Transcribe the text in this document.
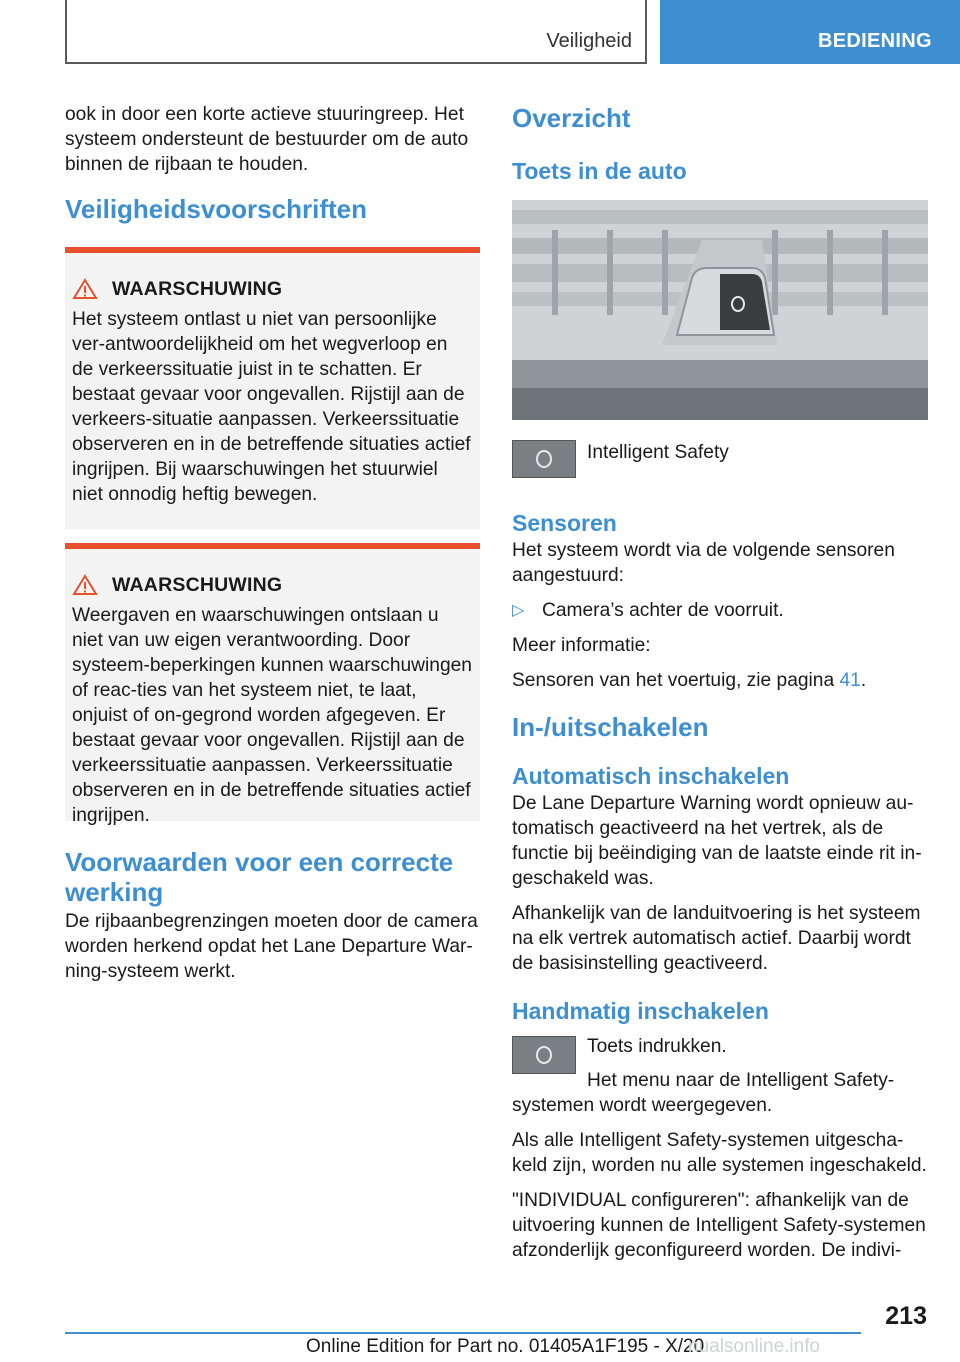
Veiligheid	BEDIENING

ook in door een korte actieve stuuringreep. Het systeem ondersteunt de bestuurder om de auto binnen de rijbaan te houden.

Veiligheidsvoorschriften
WAARSCHUWING

Het systeem ontlast u niet van persoonlijke ver-antwoordelijkheid om het wegverloop en de verkeerssituatie juist in te schatten. Er bestaat gevaar voor ongevallen. Rijstijl aan de verkeers-situatie aanpassen. Verkeerssituatie observeren en in de betreffende situaties actief ingrijpen. Bij waarschuwingen het stuurwiel niet onnodig heftig bewegen.

WAARSCHUWING

Weergaven en waarschuwingen ontslaan u niet van uw eigen verantwoording. Door systeem-beperkingen kunnen waarschuwingen of reac-ties van het systeem niet, te laat, onjuist of on-gegrond worden afgegeven. Er bestaat gevaar voor ongevallen. Rijstijl aan de verkeerssituatie aanpassen. Verkeerssituatie observeren en in de betreffende situaties actief ingrijpen.

Voorwaarden voor een correcte werking

De rijbaanbegrenzingen moeten door de camera worden herkend opdat het Lane Departure War-ning-systeem werkt.

Overzicht
Toets in de auto

Intelligent Safety

Sensoren

Het systeem wordt via de volgende sensoren aangestuurd:

▷ Camera’s achter de voorruit.

Meer informatie:

Sensoren van het voertuig, zie pagina 41.

In-/uitschakelen
Automatisch inschakelen

De Lane Departure Warning wordt opnieuw au-tomatisch geactiveerd na het vertrek, als de functie bij beëindiging van de laatste einde rit in-geschakeld was.

Afhankelijk van de landuitvoering is het systeem na elk vertrek automatisch actief. Daarbij wordt de basisinstelling geactiveerd.

Handmatig inschakelen

Toets indrukken.

Het menu naar de Intelligent Safety-systemen wordt weergegeven.

Als alle Intelligent Safety-systemen uitgescha-keld zijn, worden nu alle systemen ingeschakeld.

"INDIVIDUAL configureren": afhankelijk van de uitvoering kunnen de Intelligent Safety-systemen afzonderlijk geconfigureerd worden. De indivi-

213
Online Edition for Part no. 01405A1F195 - X/20
nualsonline.info
